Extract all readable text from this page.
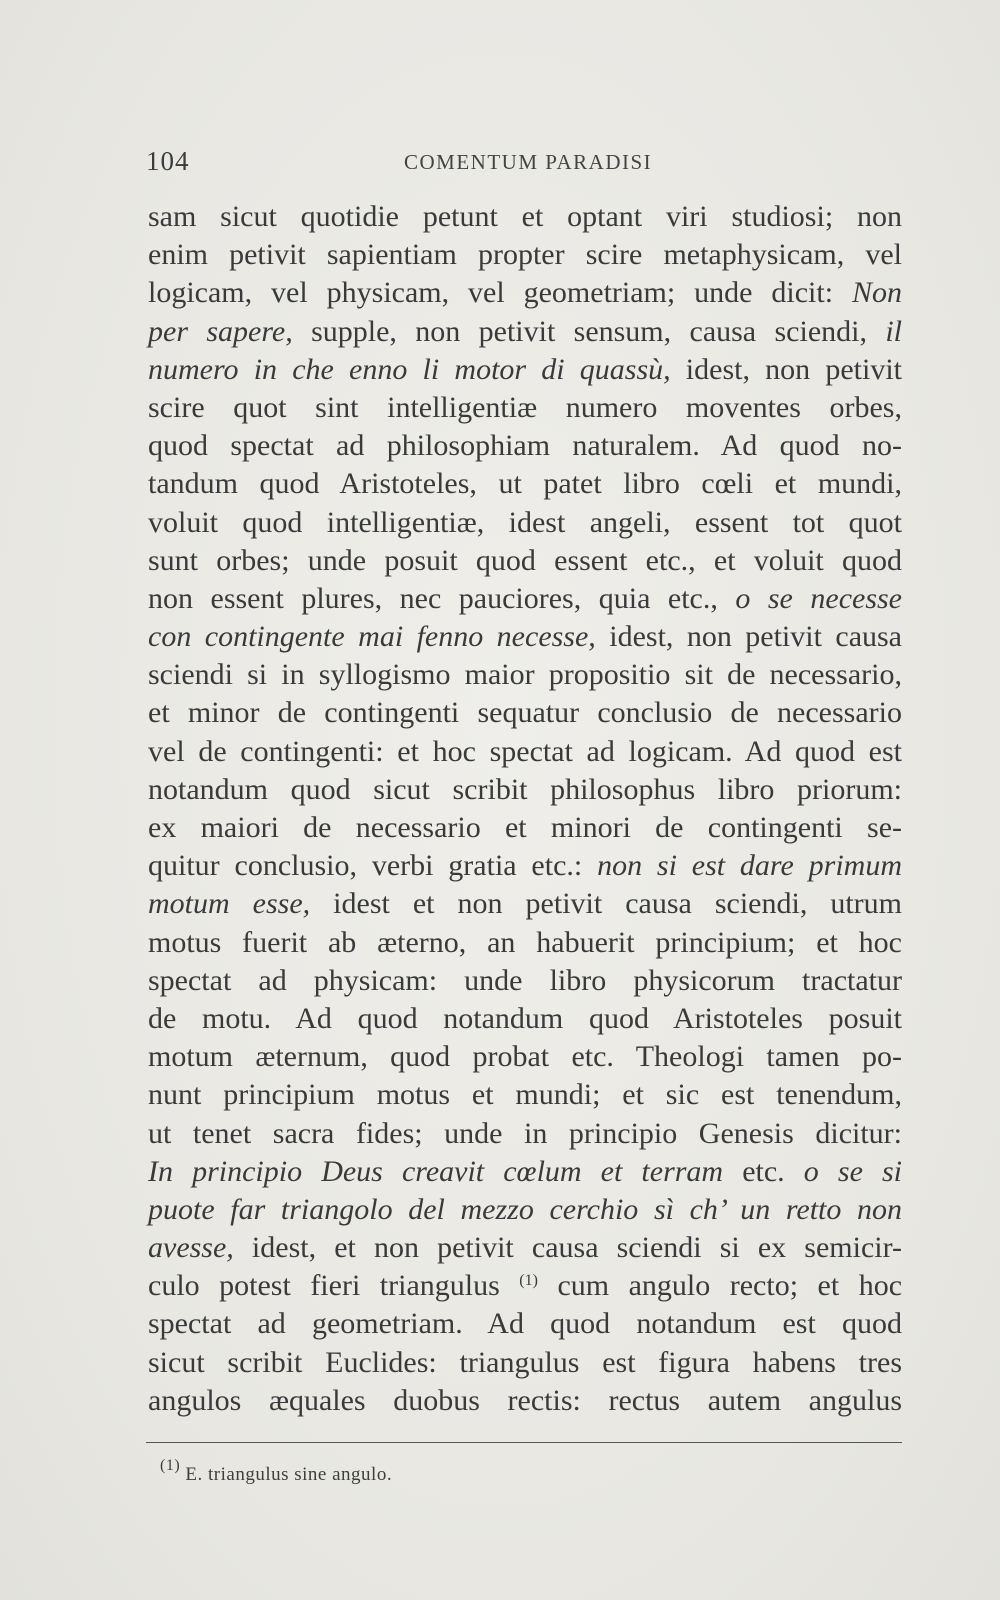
104	COMENTUM PARADISI
sam sicut quotidie petunt et optant viri studiosi; non
enim petivit sapientiam propter scire metaphysicam, vel
logicam, vel physicam, vel geometriam; unde dicit: Non
per sapere, supple, non petivit sensum, causa sciendi, il
numero in che enno li motor di quassù, idest, non petivit
scire quot sint intelligentiæ numero moventes orbes,
quod spectat ad philosophiam naturalem. Ad quod no-
tandum quod Aristoteles, ut patet libro cœli et mundi,
voluit quod intelligentiæ, idest angeli, essent tot quot
sunt orbes; unde posuit quod essent etc., et voluit quod
non essent plures, nec pauciores, quia etc., o se necesse
con contingente mai fenno necesse, idest, non petivit causa
sciendi si in syllogismo maior propositio sit de necessario,
et minor de contingenti sequatur conclusio de necessario
vel de contingenti: et hoc spectat ad logicam. Ad quod est
notandum quod sicut scribit philosophus libro priorum:
ex maiori de necessario et minori de contingenti se-
quitur conclusio, verbi gratia etc.: non si est dare primum
motum esse, idest et non petivit causa sciendi, utrum
motus fuerit ab æterno, an habuerit principium; et hoc
spectat ad physicam: unde libro physicorum tractatur
de motu. Ad quod notandum quod Aristoteles posuit
motum æternum, quod probat etc. Theologi tamen po-
nunt principium motus et mundi; et sic est tenendum,
ut tenet sacra fides; unde in principio Genesis dicitur:
In principio Deus creavit cœlum et terram etc. o se si
puote far triangolo del mezzo cerchio sì ch’ un retto non
avesse, idest, et non petivit causa sciendi si ex semicir-
culo potest fieri triangulus $^{(1)}$ cum angulo recto; et hoc
spectat ad geometriam. Ad quod notandum est quod
sicut scribit Euclides: triangulus est figura habens tres
angulos æquales duobus rectis: rectus autem angulus
$^{(1)}$ E. triangulus sine angulo.
